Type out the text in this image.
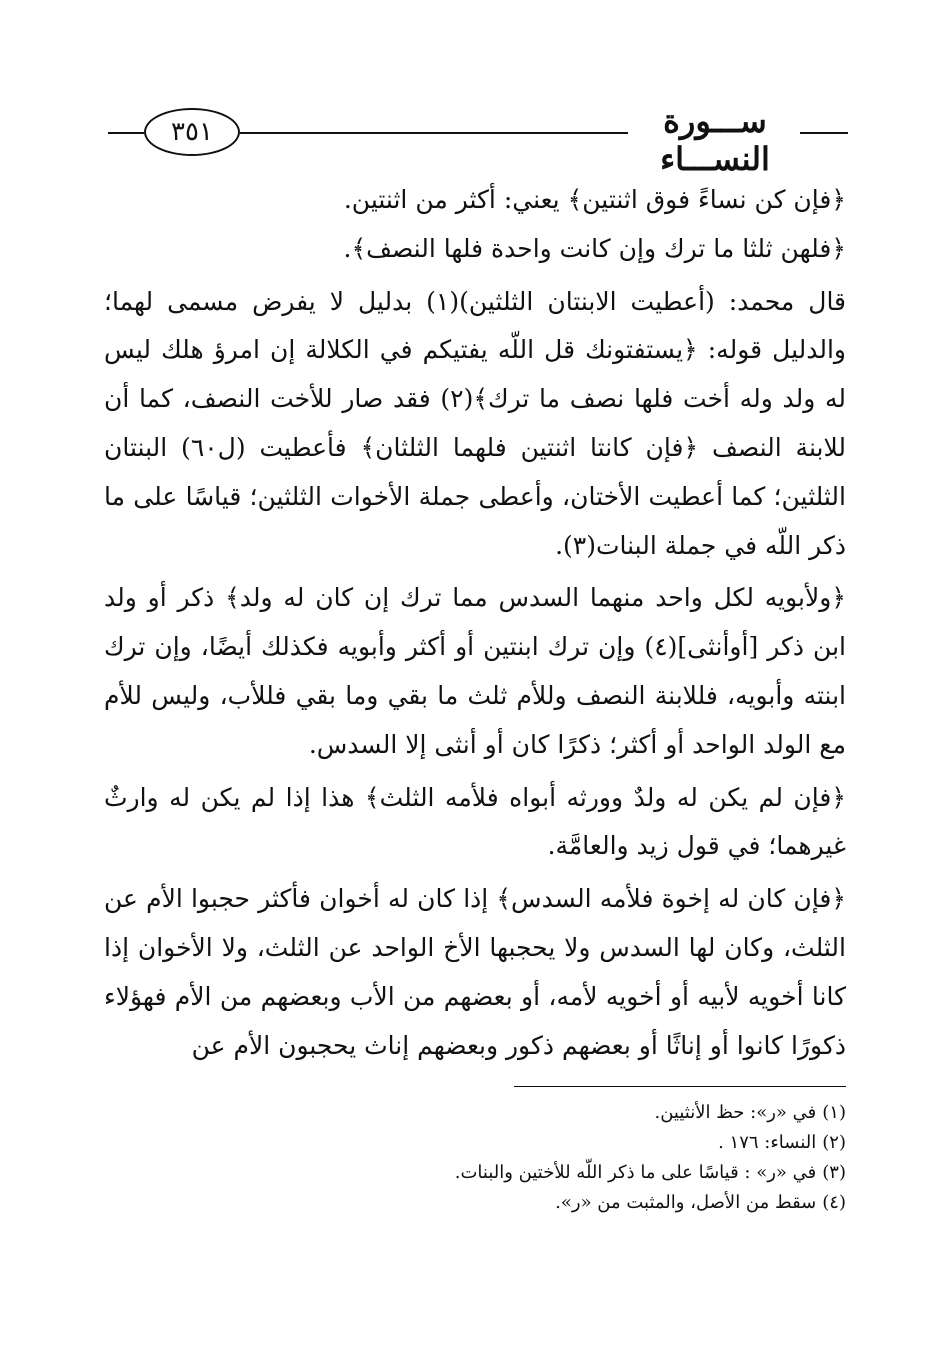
٣٥١	ســـورة النســـاء

﴿فإن كن نساءً فوق اثنتين﴾ يعني: أكثر من اثنتين.

﴿فلهن ثلثا ما ترك وإن كانت واحدة فلها النصف﴾.

قال محمد: (أعطيت الابنتان الثلثين)(١) بدليل لا يفرض مسمى لهما؛ والدليل قوله: ﴿يستفتونك قل اللّه يفتيكم في الكلالة إن امرؤ هلك ليس له ولد وله أخت فلها نصف ما ترك﴾(٢) فقد صار للأخت النصف، كما أن للابنة النصف ﴿فإن كانتا اثنتين فلهما الثلثان﴾ فأعطيت (ل٦٠) البنتان الثلثين؛ كما أعطيت الأختان، وأعطى جملة الأخوات الثلثين؛ قياسًا على ما ذكر اللّه في جملة البنات(٣).

﴿ولأبويه لكل واحد منهما السدس مما ترك إن كان له ولد﴾ ذكر أو ولد ابن ذكر [أوأنثى](٤) وإن ترك ابنتين أو أكثر وأبويه فكذلك أيضًا، وإن ترك ابنته وأبويه، فللابنة النصف وللأم ثلث ما بقي وما بقي فللأب، وليس للأم مع الولد الواحد أو أكثر؛ ذكرًا كان أو أنثى إلا السدس.

﴿فإن لم يكن له ولدٌ وورثه أبواه فلأمه الثلث﴾ هذا إذا لم يكن له وارثٌ غيرهما؛ في قول زيد والعامَّة.

﴿فإن كان له إخوة فلأمه السدس﴾ إذا كان له أخوان فأكثر حجبوا الأم عن الثلث، وكان لها السدس ولا يحجبها الأخ الواحد عن الثلث، ولا الأخوان إذا كانا أخويه لأبيه أو أخويه لأمه، أو بعضهم من الأب وبعضهم من الأم فهؤلاء ذكورًا كانوا أو إناثًا أو بعضهم ذكور وبعضهم إناث يحجبون الأم عن

(١)في «ر»: حظ الأنثيين.
(٢)النساء: ١٧٦ .
(٣)في «ر» : قياسًا على ما ذكر اللّه للأختين والبنات.
(٤)سقط من الأصل، والمثبت من «ر».
